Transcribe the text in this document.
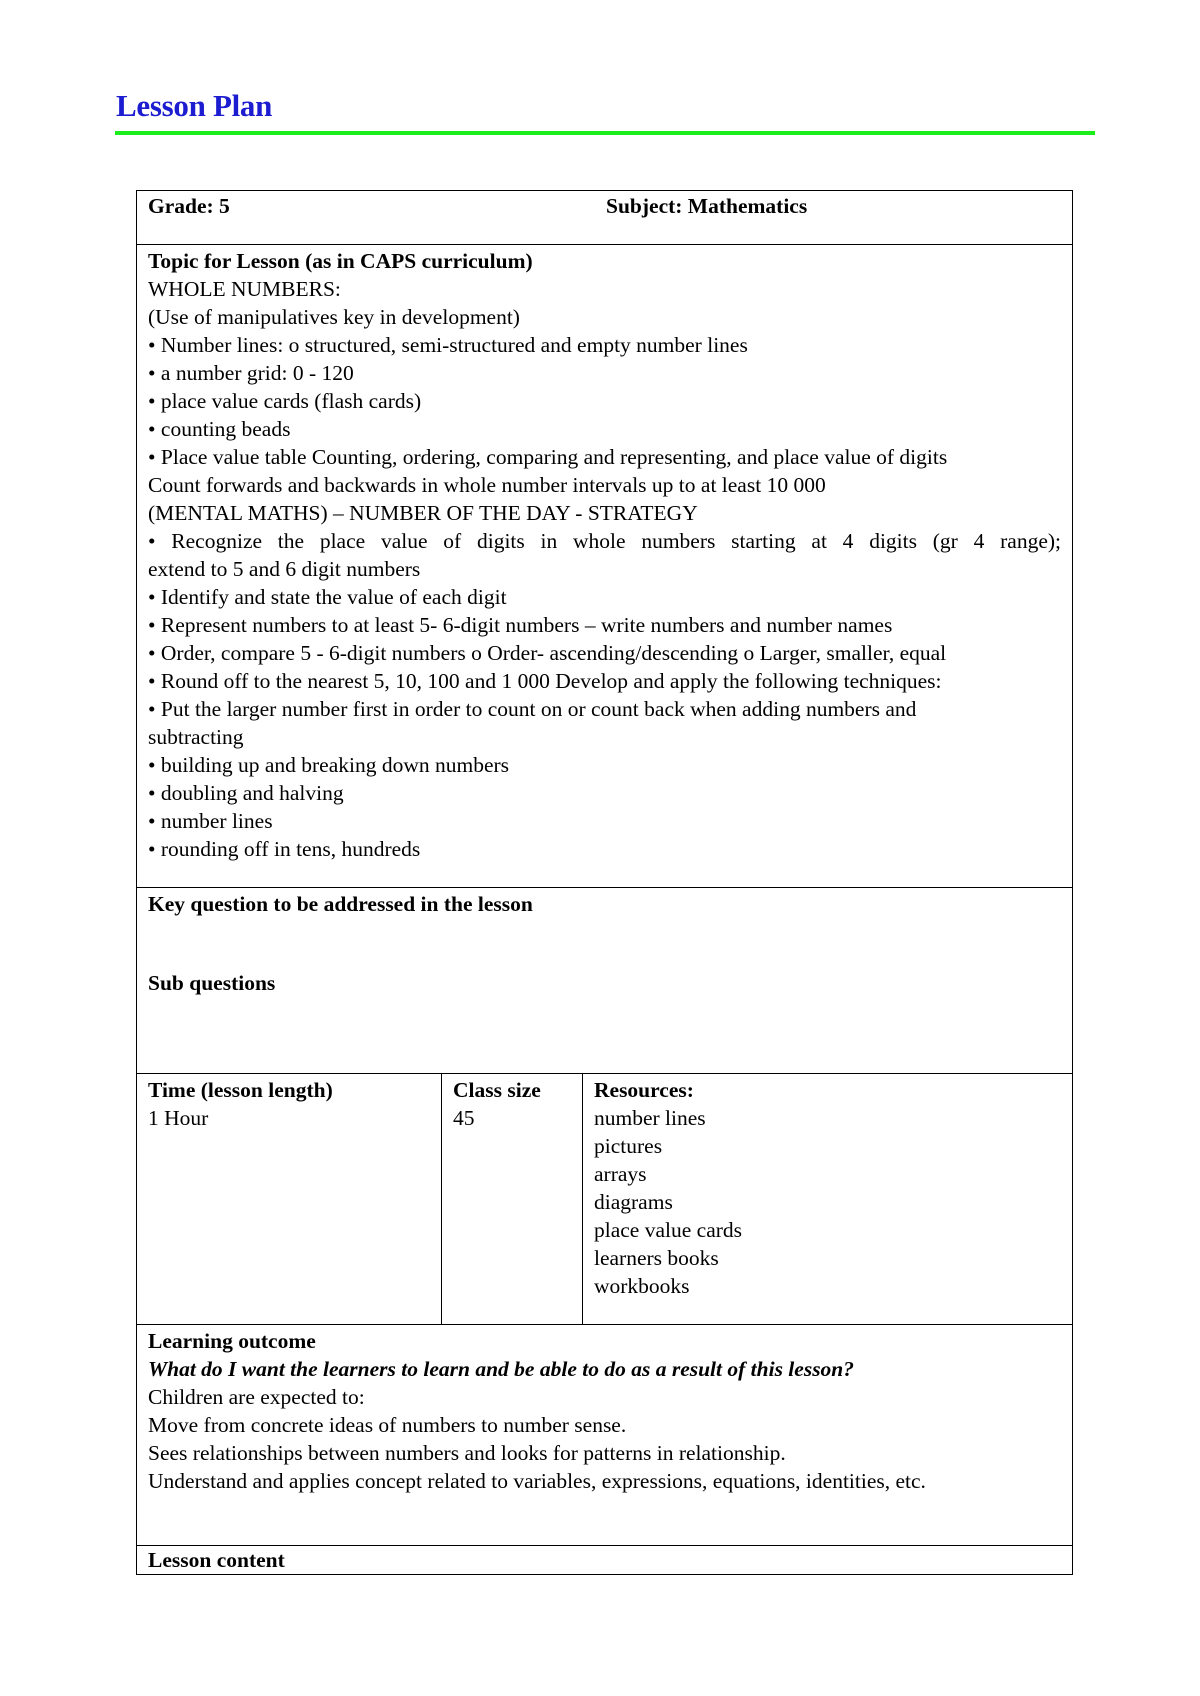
Lesson Plan
Grade: 5	Subject: Mathematics
Topic for Lesson (as in CAPS curriculum)
WHOLE NUMBERS:
(Use of manipulatives key in development)
• Number lines: o structured, semi-structured and empty number lines
• a number grid: 0 - 120
• place value cards (flash cards)
• counting beads
• Place value table Counting, ordering, comparing and representing, and place value of digits
Count forwards and backwards in whole number intervals up to at least 10 000
(MENTAL MATHS) – NUMBER OF THE DAY - STRATEGY
• Recognize the place value of digits in whole numbers starting at 4 digits (gr 4 range);
extend to 5 and 6 digit numbers
• Identify and state the value of each digit
• Represent numbers to at least 5- 6-digit numbers – write numbers and number names
• Order, compare 5 - 6-digit numbers o Order- ascending/descending o Larger, smaller, equal
• Round off to the nearest 5, 10, 100 and 1 000 Develop and apply the following techniques:
• Put the larger number first in order to count on or count back when adding numbers and
subtracting
• building up and breaking down numbers
• doubling and halving
• number lines
• rounding off in tens, hundreds
Key question to be addressed in the lesson
Sub questions
Time (lesson length)
1 Hour
Class size
45
Resources:
number lines
pictures
arrays
diagrams
place value cards
learners books
workbooks
Learning outcome
What do I want the learners to learn and be able to do as a result of this lesson?
Children are expected to:
Move from concrete ideas of numbers to number sense.
Sees relationships between numbers and looks for patterns in relationship.
Understand and applies concept related to variables, expressions, equations, identities, etc.
Lesson content
